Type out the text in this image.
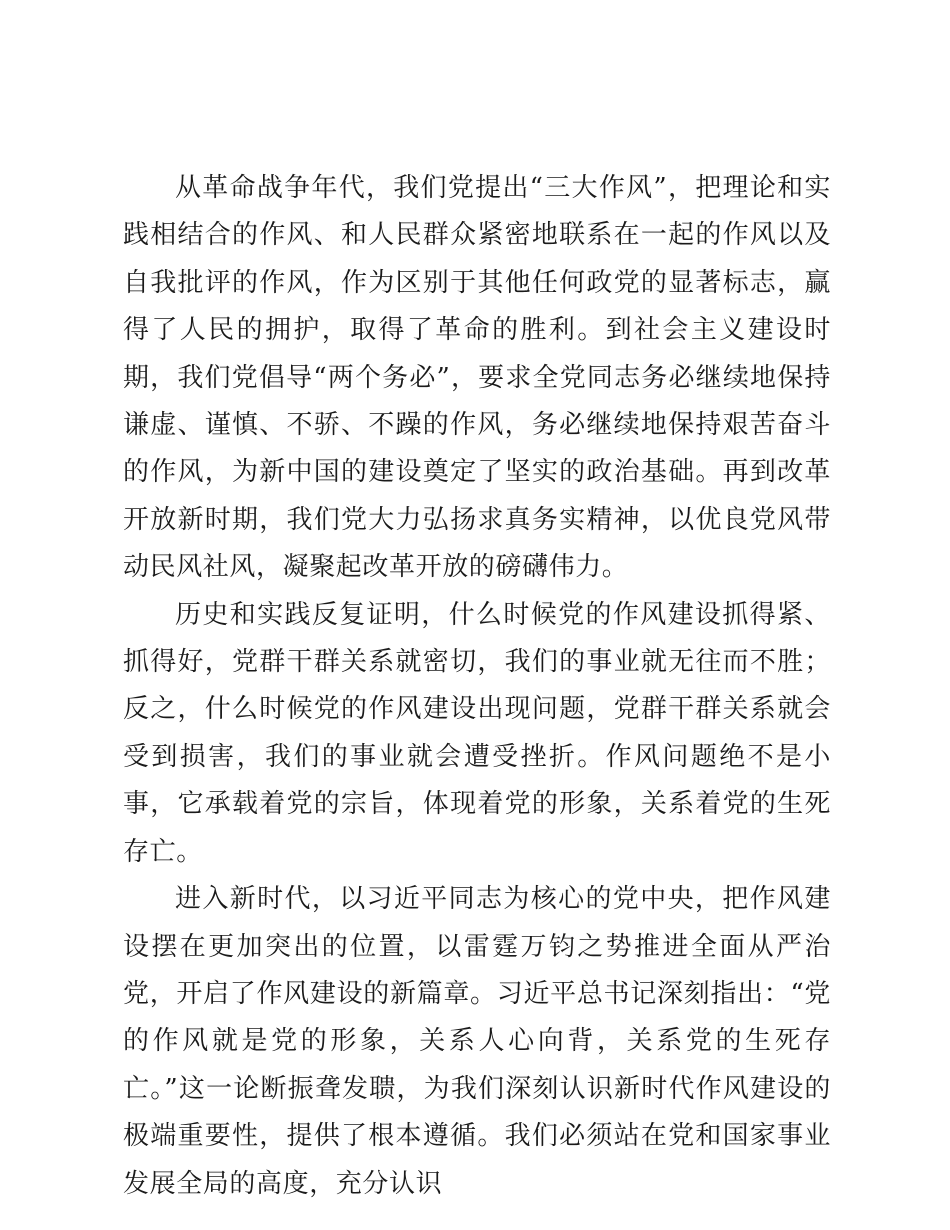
从革命战争年代，我们党提出“三大作风”，把理论和实践相结合的作风、和人民群众紧密地联系在一起的作风以及自我批评的作风，作为区别于其他任何政党的显著标志，赢得了人民的拥护，取得了革命的胜利。到社会主义建设时期，我们党倡导“两个务必”，要求全党同志务必继续地保持谦虚、谨慎、不骄、不躁的作风，务必继续地保持艰苦奋斗的作风，为新中国的建设奠定了坚实的政治基础。再到改革开放新时期，我们党大力弘扬求真务实精神，以优良党风带动民风社风，凝聚起改革开放的磅礴伟力。

历史和实践反复证明，什么时候党的作风建设抓得紧、抓得好，党群干群关系就密切，我们的事业就无往而不胜；反之，什么时候党的作风建设出现问题，党群干群关系就会受到损害，我们的事业就会遭受挫折。作风问题绝不是小事，它承载着党的宗旨，体现着党的形象，关系着党的生死存亡。

进入新时代，以习近平同志为核心的党中央，把作风建设摆在更加突出的位置，以雷霆万钧之势推进全面从严治党，开启了作风建设的新篇章。习近平总书记深刻指出：“党的作风就是党的形象，关系人心向背，关系党的生死存亡。”这一论断振聋发聩，为我们深刻认识新时代作风建设的极端重要性，提供了根本遵循。我们必须站在党和国家事业发展全局的高度，充分认识
